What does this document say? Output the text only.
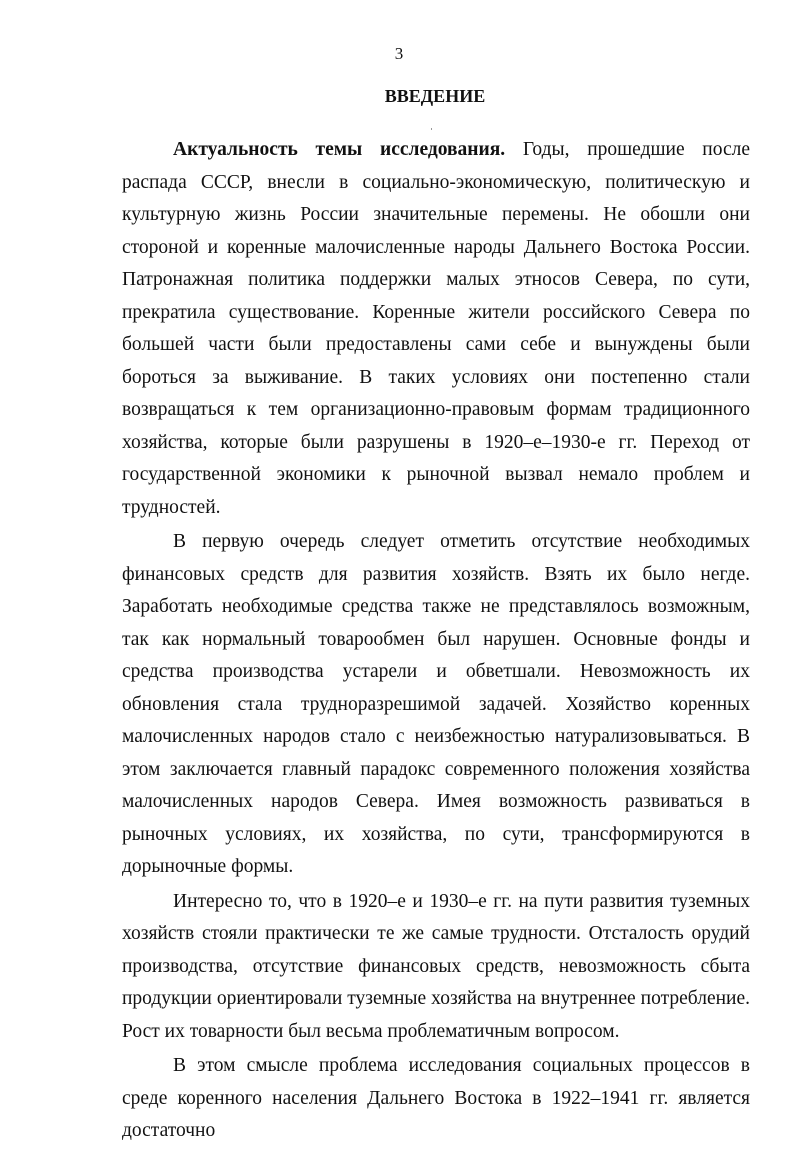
3
ВВЕДЕНИЕ

Актуальность темы исследования. Годы, прошедшие после распада СССР, внесли в социально-экономическую, политическую и культурную жизнь России значительные перемены. Не обошли они стороной и коренные малочисленные народы Дальнего Востока России. Патронажная политика поддержки малых этносов Севера, по сути, прекратила существование. Коренные жители российского Севера по большей части были предоставлены сами себе и вынуждены были бороться за выживание. В таких условиях они постепенно стали возвращаться к тем организационно-правовым формам традиционного хозяйства, которые были разрушены в 1920–е–1930-е гг. Переход от государственной экономики к рыночной вызвал немало проблем и трудностей.

В первую очередь следует отметить отсутствие необходимых финансовых средств для развития хозяйств. Взять их было негде. Заработать необходимые средства также не представлялось возможным, так как нормальный товарообмен был нарушен. Основные фонды и средства производства устарели и обветшали. Невозможность их обновления стала трудноразрешимой задачей. Хозяйство коренных малочисленных народов стало с неизбежностью натурализовываться. В этом заключается главный парадокс современного положения хозяйства малочисленных народов Севера. Имея возможность развиваться в рыночных условиях, их хозяйства, по сути, трансформируются в дорыночные формы.

Интересно то, что в 1920–е и 1930–е гг. на пути развития туземных хозяйств стояли практически те же самые трудности. Отсталость орудий производства, отсутствие финансовых средств, невозможность сбыта продукции ориентировали туземные хозяйства на внутреннее потребление. Рост их товарности был весьма проблематичным вопросом.

В этом смысле проблема исследования социальных процессов в среде коренного населения Дальнего Востока в 1922–1941 гг. является достаточно
